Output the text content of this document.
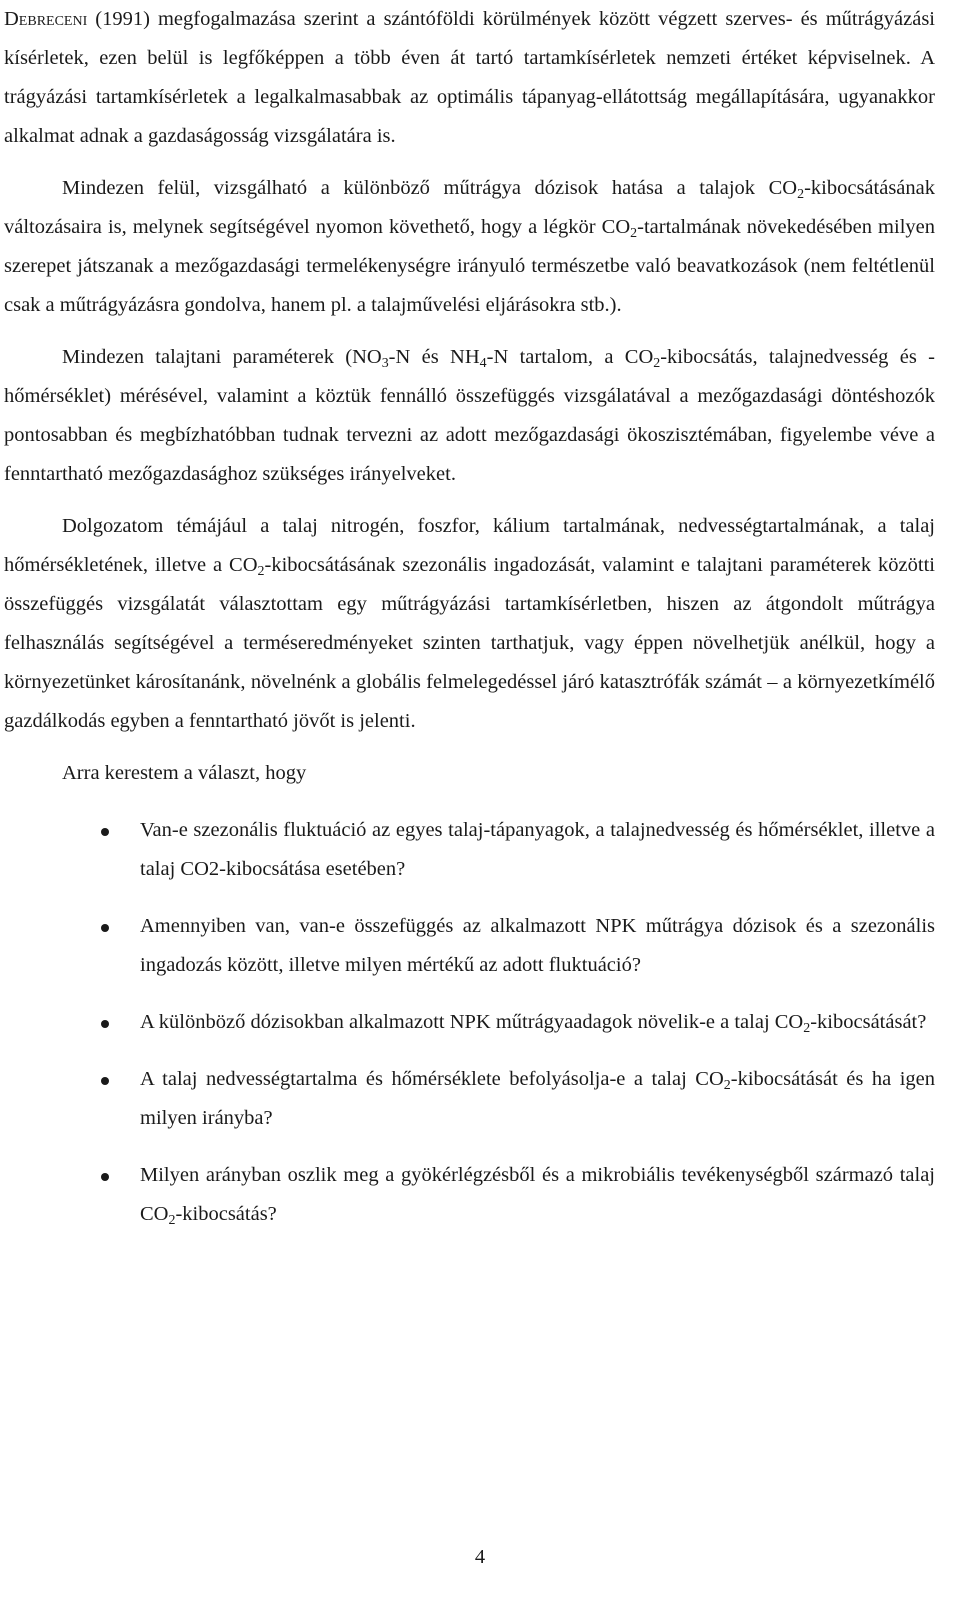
Debreceni (1991) megfogalmazása szerint a szántóföldi körülmények között végzett szerves- és műtrágyázási kísérletek, ezen belül is legfőképpen a több éven át tartó tartamkísérletek nemzeti értéket képviselnek. A trágyázási tartamkísérletek a legalkalmasabbak az optimális tápanyag-ellátottság megállapítására, ugyanakkor alkalmat adnak a gazdaságosság vizsgálatára is.

Mindezen felül, vizsgálható a különböző műtrágya dózisok hatása a talajok $CO_2$-kibocsátásának változásaira is, melynek segítségével nyomon követhető, hogy a légkör $CO_2$-tartalmának növekedésében milyen szerepet játszanak a mezőgazdasági termelékenységre irányuló természetbe való beavatkozások (nem feltétlenül csak a műtrágyázásra gondolva, hanem pl. a talajművelési eljárásokra stb.).

Mindezen talajtani paraméterek ($NO_3-N$ és $NH_4-N$ tartalom, a $CO_2$-kibocsátás, talajnedvesség és -hőmérséklet) mérésével, valamint a köztük fennálló összefüggés vizsgálatával a mezőgazdasági döntéshozók pontosabban és megbízhatóbban tudnak tervezni az adott mezőgazdasági ökoszisztémában, figyelembe véve a fenntartható mezőgazdasághoz szükséges irányelveket.

Dolgozatom témájául a talaj nitrogén, foszfor, kálium tartalmának, nedvességtartalmának, a talaj hőmérsékletének, illetve a $CO_2$-kibocsátásának szezonális ingadozását, valamint e talajtani paraméterek közötti összefüggés vizsgálatát választottam egy műtrágyázási tartamkísérletben, hiszen az átgondolt műtrágya felhasználás segítségével a terméseredményeket szinten tarthatjuk, vagy éppen növelhetjük anélkül, hogy a környezetünket károsítanánk, növelnénk a globális felmelegedéssel járó katasztrófák számát – a környezetkímélő gazdálkodás egyben a fenntartható jövőt is jelenti.

Arra kerestem a választ, hogy

Van-e szezonális fluktuáció az egyes talaj-tápanyagok, a talajnedvesség és hőmérséklet, illetve a talaj CO2-kibocsátása esetében?
Amennyiben van, van-e összefüggés az alkalmazott NPK műtrágya dózisok és a szezonális ingadozás között, illetve milyen mértékű az adott fluktuáció?
A különböző dózisokban alkalmazott NPK műtrágyaadagok növelik-e a talaj $CO_2$-kibocsátását?
A talaj nedvességtartalma és hőmérséklete befolyásolja-e a talaj $CO_2$-kibocsátását és ha igen milyen irányba?
Milyen arányban oszlik meg a gyökérlégzésből és a mikrobiális tevékenységből származó talaj $CO_2$-kibocsátás?
4
